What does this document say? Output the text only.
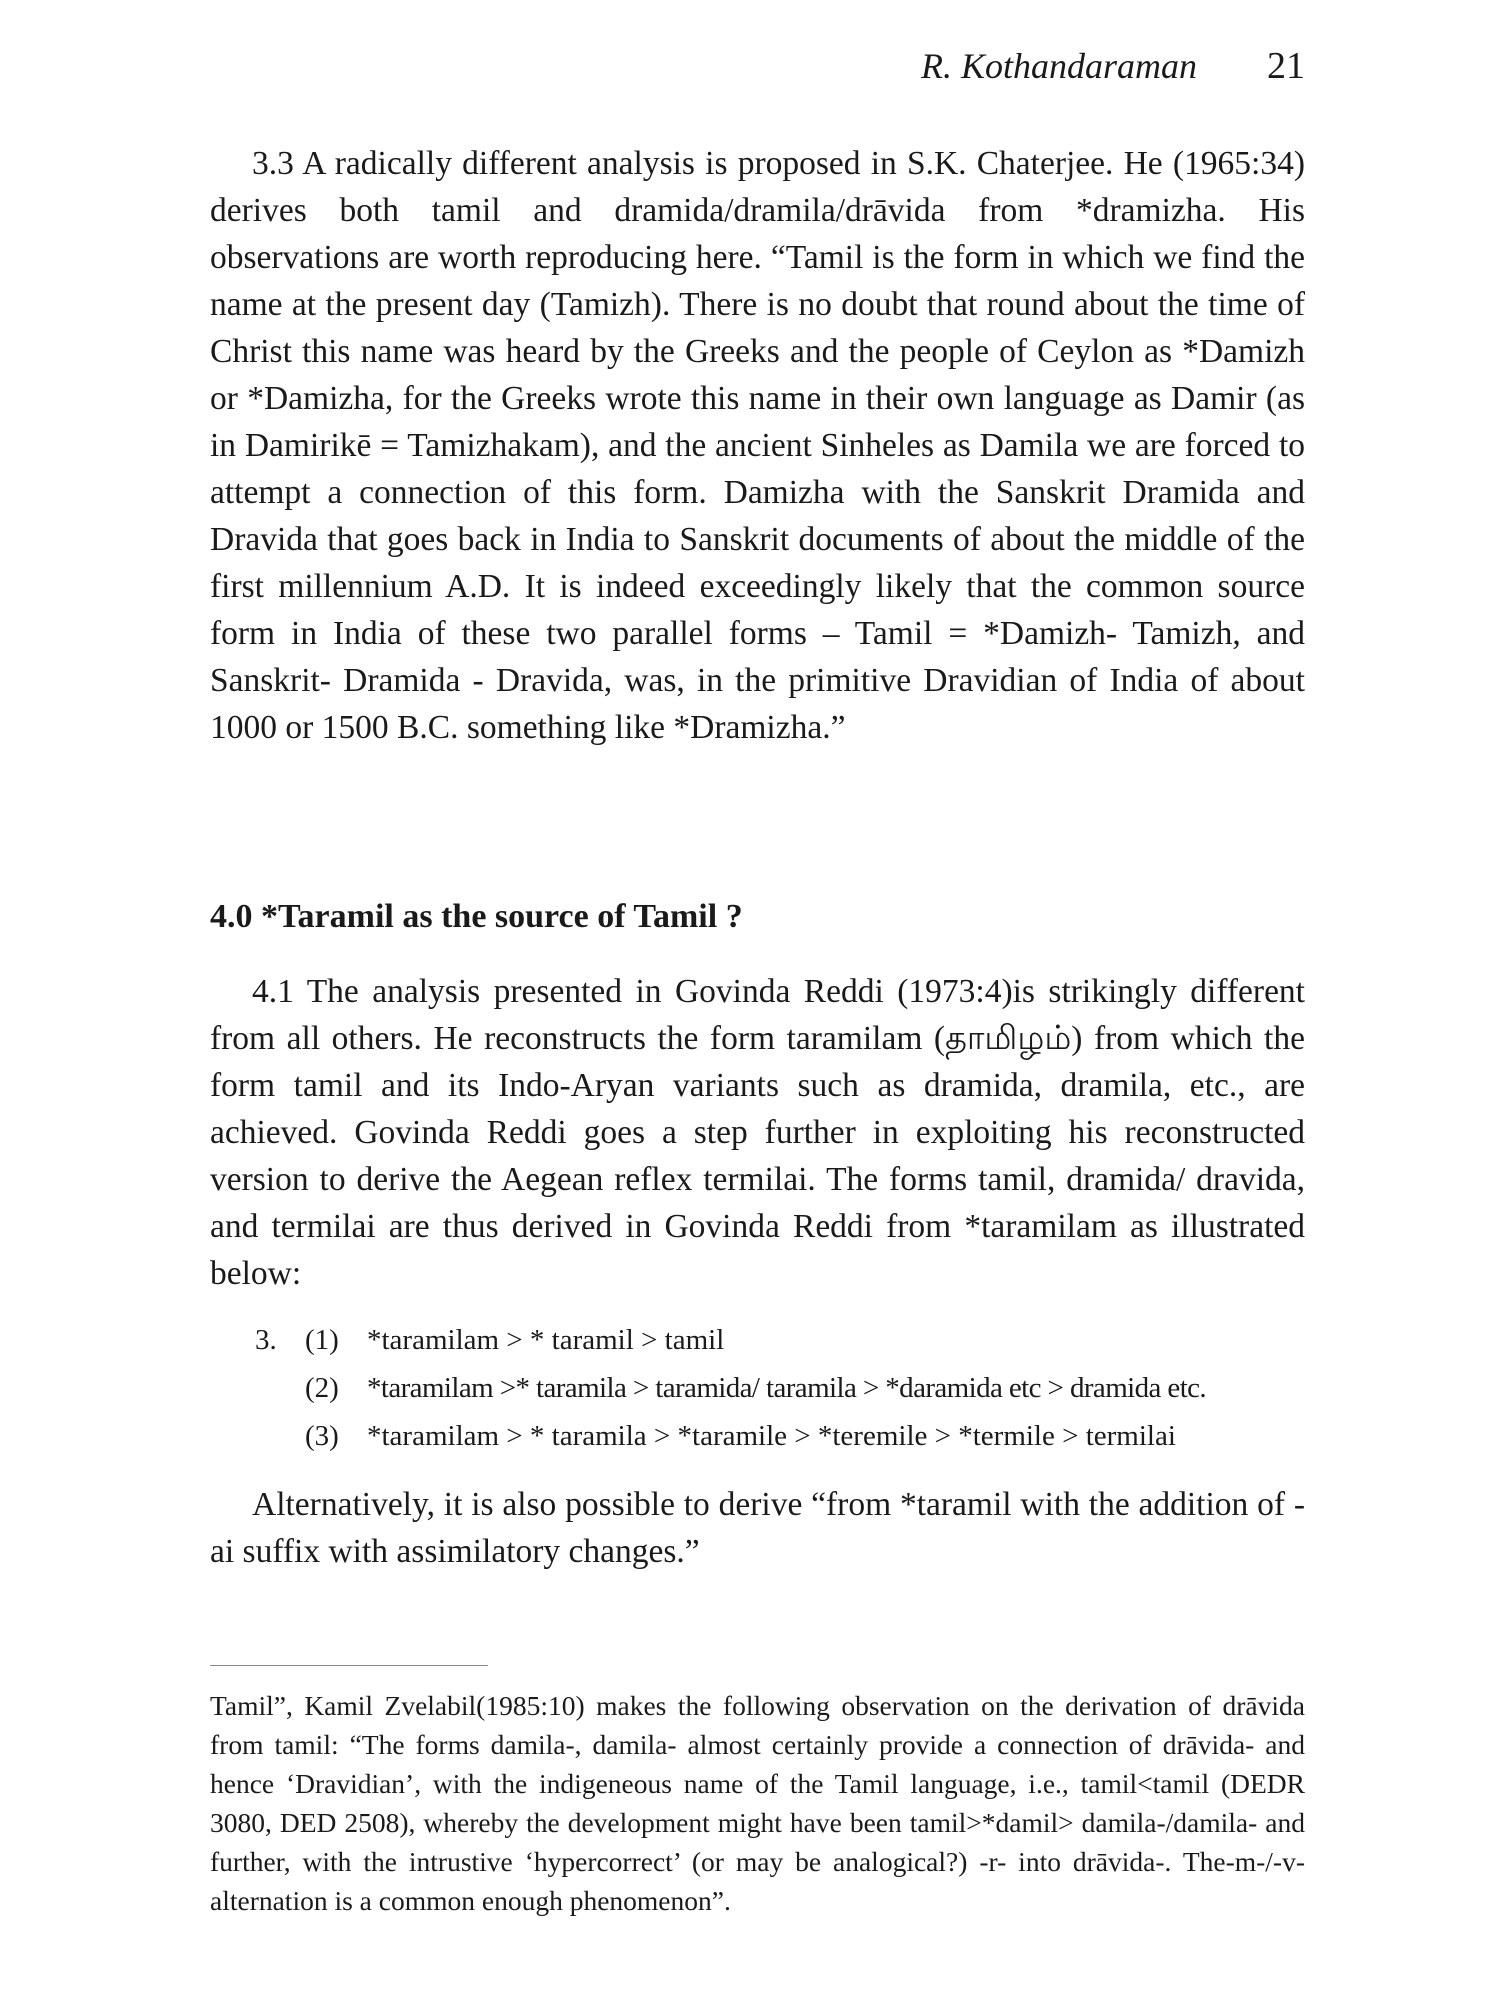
R. Kothandaraman 21

3.3 A radically different analysis is proposed in S.K. Chaterjee. He (1965:34) derives both tamil and dramida/dramila/drāvida from *dramizha. His observations are worth reproducing here. “Tamil is the form in which we find the name at the present day (Tamizh). There is no doubt that round about the time of Christ this name was heard by the Greeks and the people of Ceylon as *Damizh or *Damizha, for the Greeks wrote this name in their own language as Damir (as in Damirikē = Tamizhakam), and the ancient Sinheles as Damila we are forced to attempt a connection of this form. Damizha with the Sanskrit Dramida and Dravida that goes back in India to Sanskrit documents of about the middle of the first millennium A.D. It is indeed exceedingly likely that the common source form in India of these two parallel forms – Tamil = *Damizh- Tamizh, and Sanskrit- Dramida - Dravida, was, in the primitive Dravidian of India of about 1000 or 1500 B.C. something like *Dramizha.”

4.0 *Taramil as the source of Tamil ?

4.1 The analysis presented in Govinda Reddi (1973:4)is strikingly different from all others. He reconstructs the form taramilam (தாமிழம்) from which the form tamil and its Indo-Aryan variants such as dramida, dramila, etc., are achieved. Govinda Reddi goes a step further in exploiting his reconstructed version to derive the Aegean reflex termilai. The forms tamil, dramida/ dravida, and termilai are thus derived in Govinda Reddi from *taramilam as illustrated below:

3. (1) *taramilam > * taramil > tamil
(2) *taramilam >* taramila > taramida/ taramila > *daramida etc > dramida etc.
(3) *taramilam > * taramila > *taramile > *teremile > *termile > termilai

Alternatively, it is also possible to derive “from *taramil with the addition of -ai suffix with assimilatory changes.”

Tamil”, Kamil Zvelabil(1985:10) makes the following observation on the derivation of drāvida from tamil: “The forms damila-, damila- almost certainly provide a connection of drāvida- and hence ‘Dravidian’, with the indigeneous name of the Tamil language, i.e., tamil<tamil (DEDR 3080, DED 2508), whereby the development might have been tamil>*damil> damila-/damila- and further, with the intrustive ‘hypercorrect’ (or may be analogical?) -r- into drāvida-. The-m-/-v- alternation is a common enough phenomenon”.
